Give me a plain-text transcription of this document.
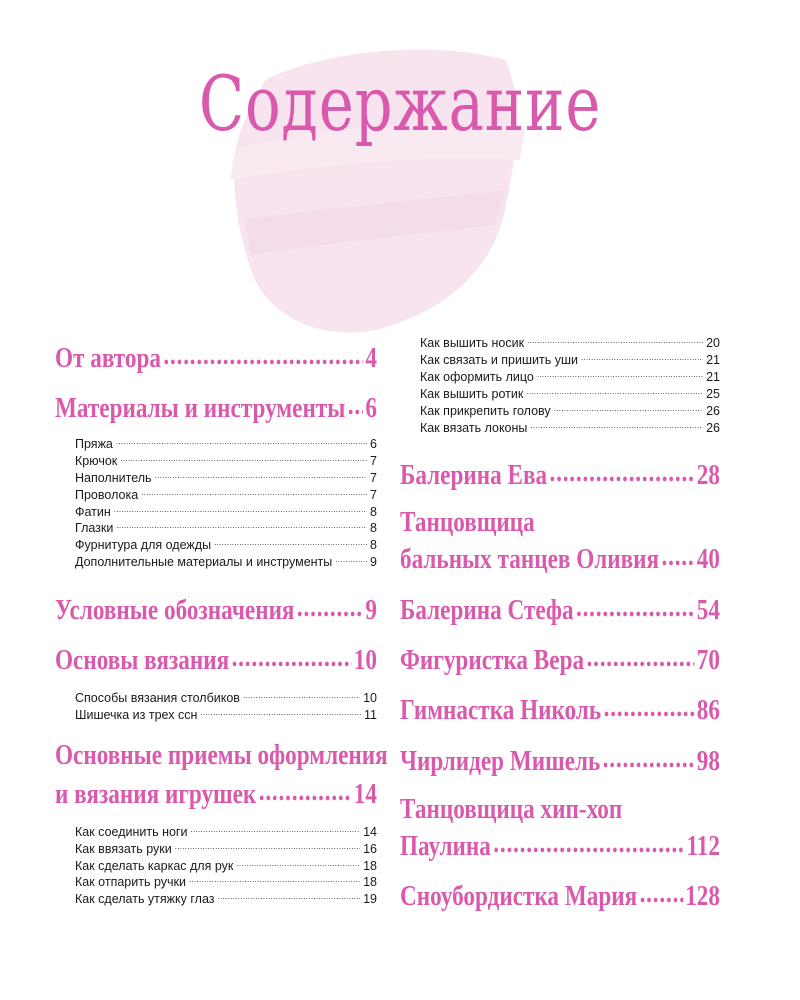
Содержание
От автора .....	4
Материалы и инструменты ..... 6
Пряжа .....	6
Крючок .....	7
Наполнитель .....	7
Проволока .....	7
Фатин .....	8
Глазки .....	8
Фурнитура для одежды .....	8
Дополнительные материалы и инструменты .....	9
Условные обозначения ..... 9
Основы вязания .....	10
Способы вязания столбиков .....	10
Шишечка из трех ссн .....	11
Основные приемы оформления
и вязания игрушек .....	14
Как соединить ноги .....	14
Как ввязать руки .....	16
Как сделать каркас для рук .....	18
Как отпарить ручки .....	18
Как сделать утяжку глаз .....	19
Как вышить носик .....	20
Как связать и пришить уши .....	21
Как оформить лицо .....	21
Как вышить ротик .....	25
Как прикрепить голову .....	26
Как вязать локоны .....	26
Балерина Ева .....	28
Танцовщица
бальных танцев Оливия ..... 40
Балерина Стефа .....	54
Фигуристка Вера .....	70
Гимнастка Николь .....	86
Чирлидер Мишель .....	98
Танцовщица хип-хоп
Паулина .....	112
Сноубордистка Мария ..... 128
